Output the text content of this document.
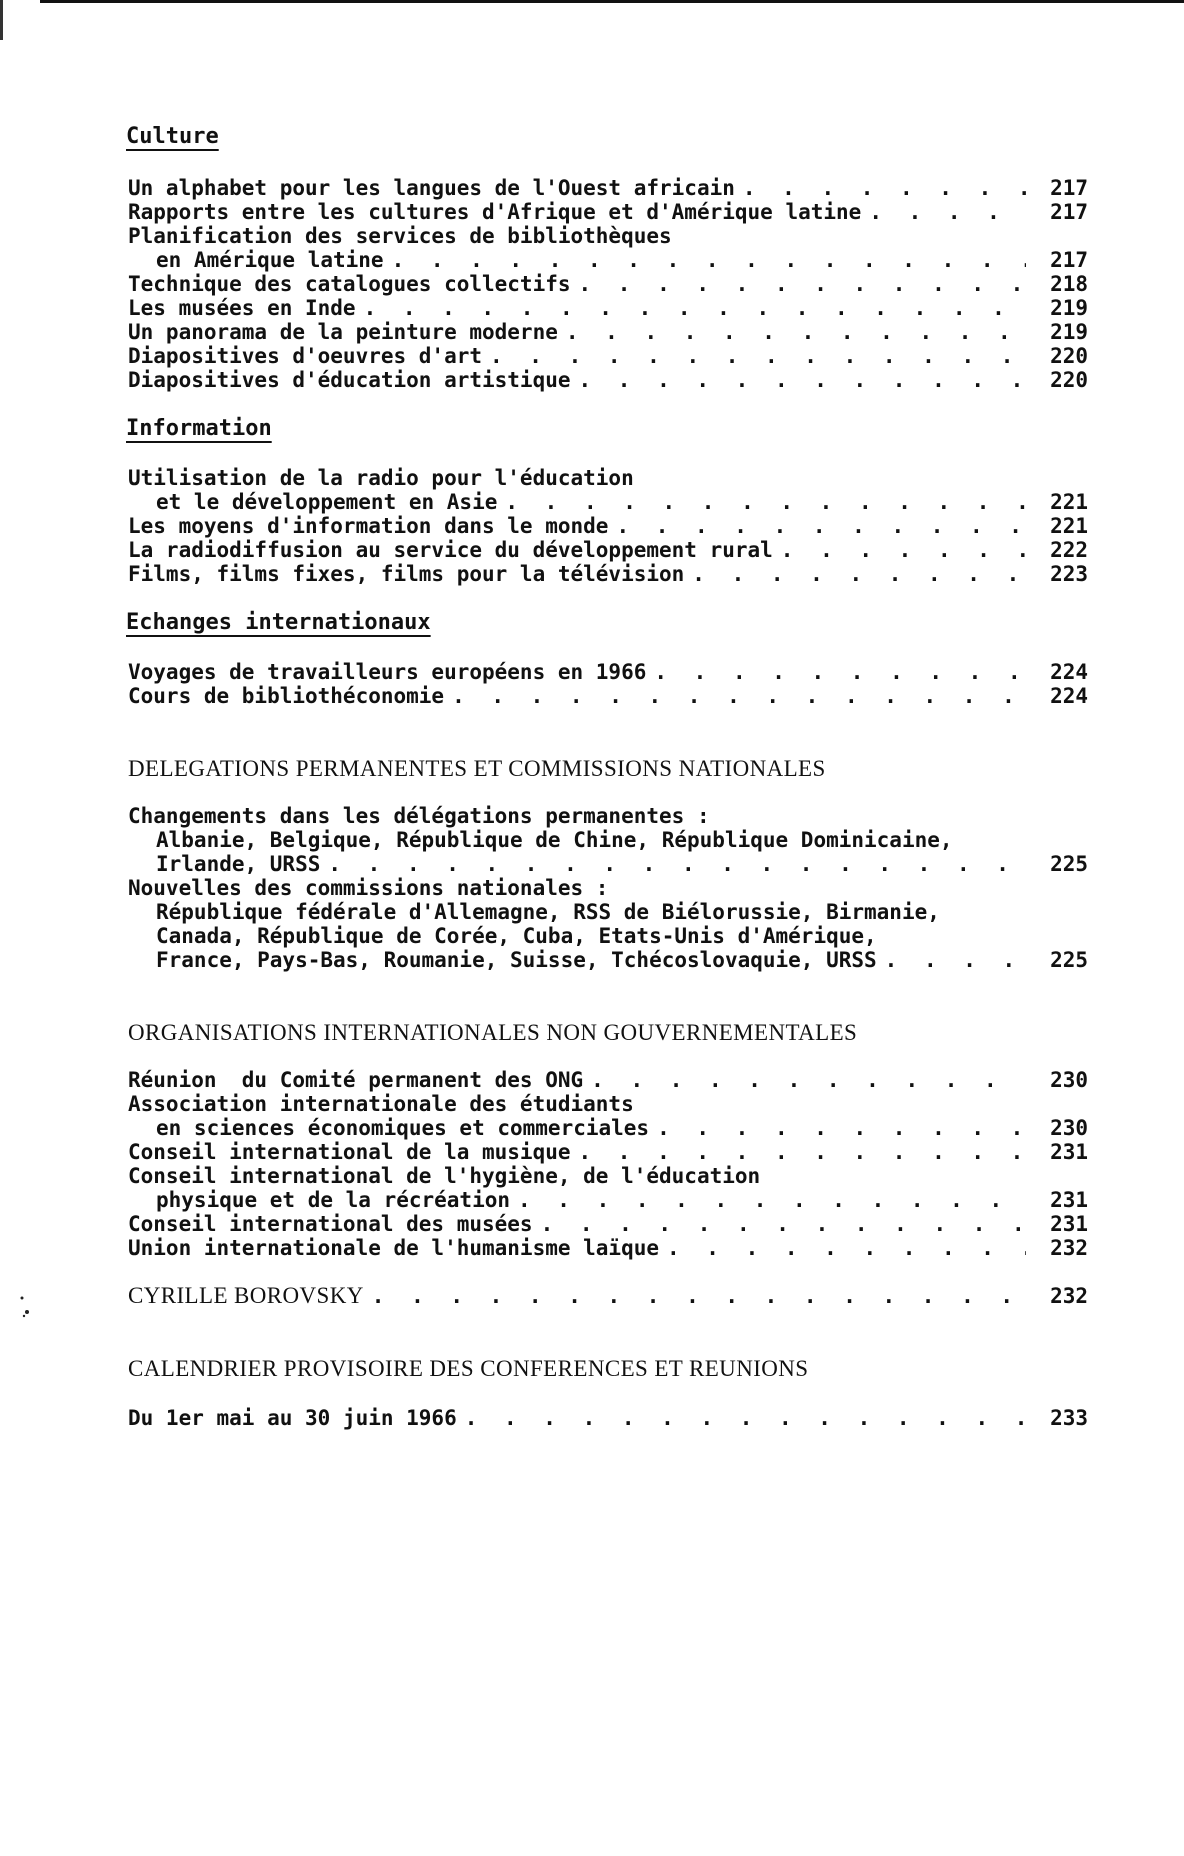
Culture
Un alphabet pour les langues de l'Ouest africain . . .	217
Rapports entre les cultures d'Afrique et d'Amérique latine . . .	217
Planification des services de bibliothèques
en Amérique latine . . .	217
Technique des catalogues collectifs . . .	218
Les musées en Inde . . .	219
Un panorama de la peinture moderne . . .	219
Diapositives d'oeuvres d'art . . .	220
Diapositives d'éducation artistique . . .	220
Information
Utilisation de la radio pour l'éducation
et le développement en Asie . . .	221
Les moyens d'information dans le monde . . .	221
La radiodiffusion au service du développement rural . . .	222
Films, films fixes, films pour la télévision . . .	223
Echanges internationaux
Voyages de travailleurs européens en 1966 . . .	224
Cours de bibliothéconomie . . .	224
DELEGATIONS PERMANENTES ET COMMISSIONS NATIONALES
Changements dans les délégations permanentes :
Albanie, Belgique, République de Chine, République Dominicaine,
Irlande, URSS . . .	225
Nouvelles des commissions nationales :
République fédérale d'Allemagne, RSS de Biélorussie, Birmanie,
Canada, République de Corée, Cuba, Etats-Unis d'Amérique,
France, Pays-Bas, Roumanie, Suisse, Tchécoslovaquie, URSS . . .	225
ORGANISATIONS INTERNATIONALES NON GOUVERNEMENTALES
Réunion  du Comité permanent des ONG . . .	230
Association internationale des étudiants
en sciences économiques et commerciales . . .	230
Conseil international de la musique . . .	231
Conseil international de l'hygiène, de l'éducation
physique et de la récréation . . .	231
Conseil international des musées . . .	231
Union internationale de l'humanisme laïque . . .	232
CYRILLE BOROVSKY . . .	232
CALENDRIER PROVISOIRE DES CONFERENCES ET REUNIONS
Du 1er mai au 30 juin 1966 . . .	233
